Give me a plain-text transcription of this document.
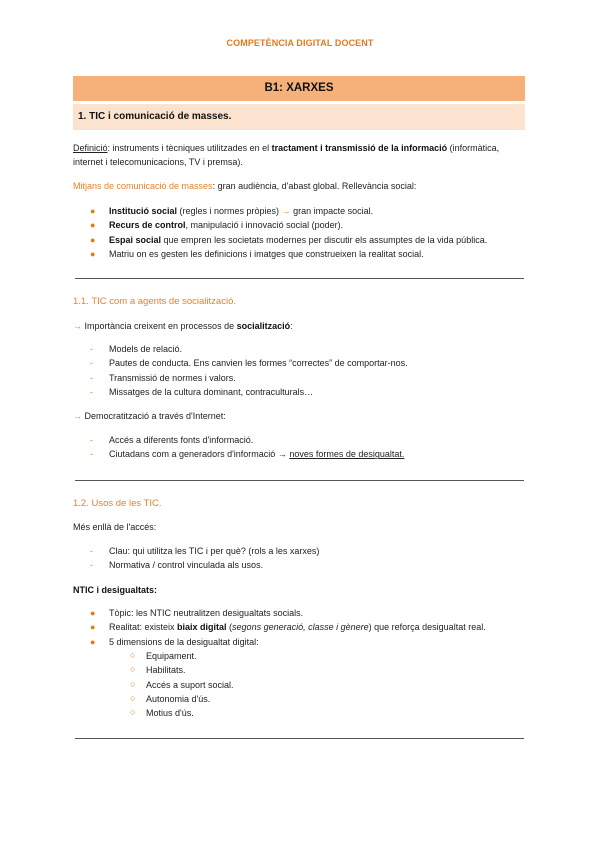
COMPETÈNCIA DIGITAL DOCENT
B1: XARXES
1. TIC i comunicació de masses.
Definició: instruments i tècniques utilitzades en el tractament i transmissió de la informació (informàtica,
internet i telecomunicacions, TV i premsa).
Mitjans de comunicació de masses: gran audiència, d'abast global. Rellevància social:
● Institució social (regles i normes pròpies) → gran impacte social.
● Recurs de control, manipulació i innovació social (poder).
● Espai social que empren les societats modernes per discutir els assumptes de la vida pública.
● Matriu on es gesten les definicions i imatges que construeixen la realitat social.
1.1. TIC com a agents de socialització.
→ Importància creixent en processos de socialització:
- Models de relació.
- Pautes de conducta. Ens canvien les formes “correctes” de comportar-nos.
- Transmissió de normes i valors.
- Missatges de la cultura dominant, contraculturals…
→ Democratització a través d'Internet:
- Accés a diferents fonts d'informació.
- Ciutadans com a generadors d'informació → noves formes de desigualtat.
1.2. Usos de les TIC.
Més enllà de l'accés:
- Clau: qui utilitza les TIC i per què? (rols a les xarxes)
- Normativa / control vinculada als usos.
NTIC i desigualtats:
● Tòpic: les NTIC neutralitzen desigualtats socials.
● Realitat: existeix biaix digital (segons generació, classe i gènere) que reforça desigualtat real.
● 5 dimensions de la desigualtat digital:
○ Equipament.
○ Habilitats.
○ Accés a suport social.
○ Autonomia d'ús.
○ Motius d'ús.
